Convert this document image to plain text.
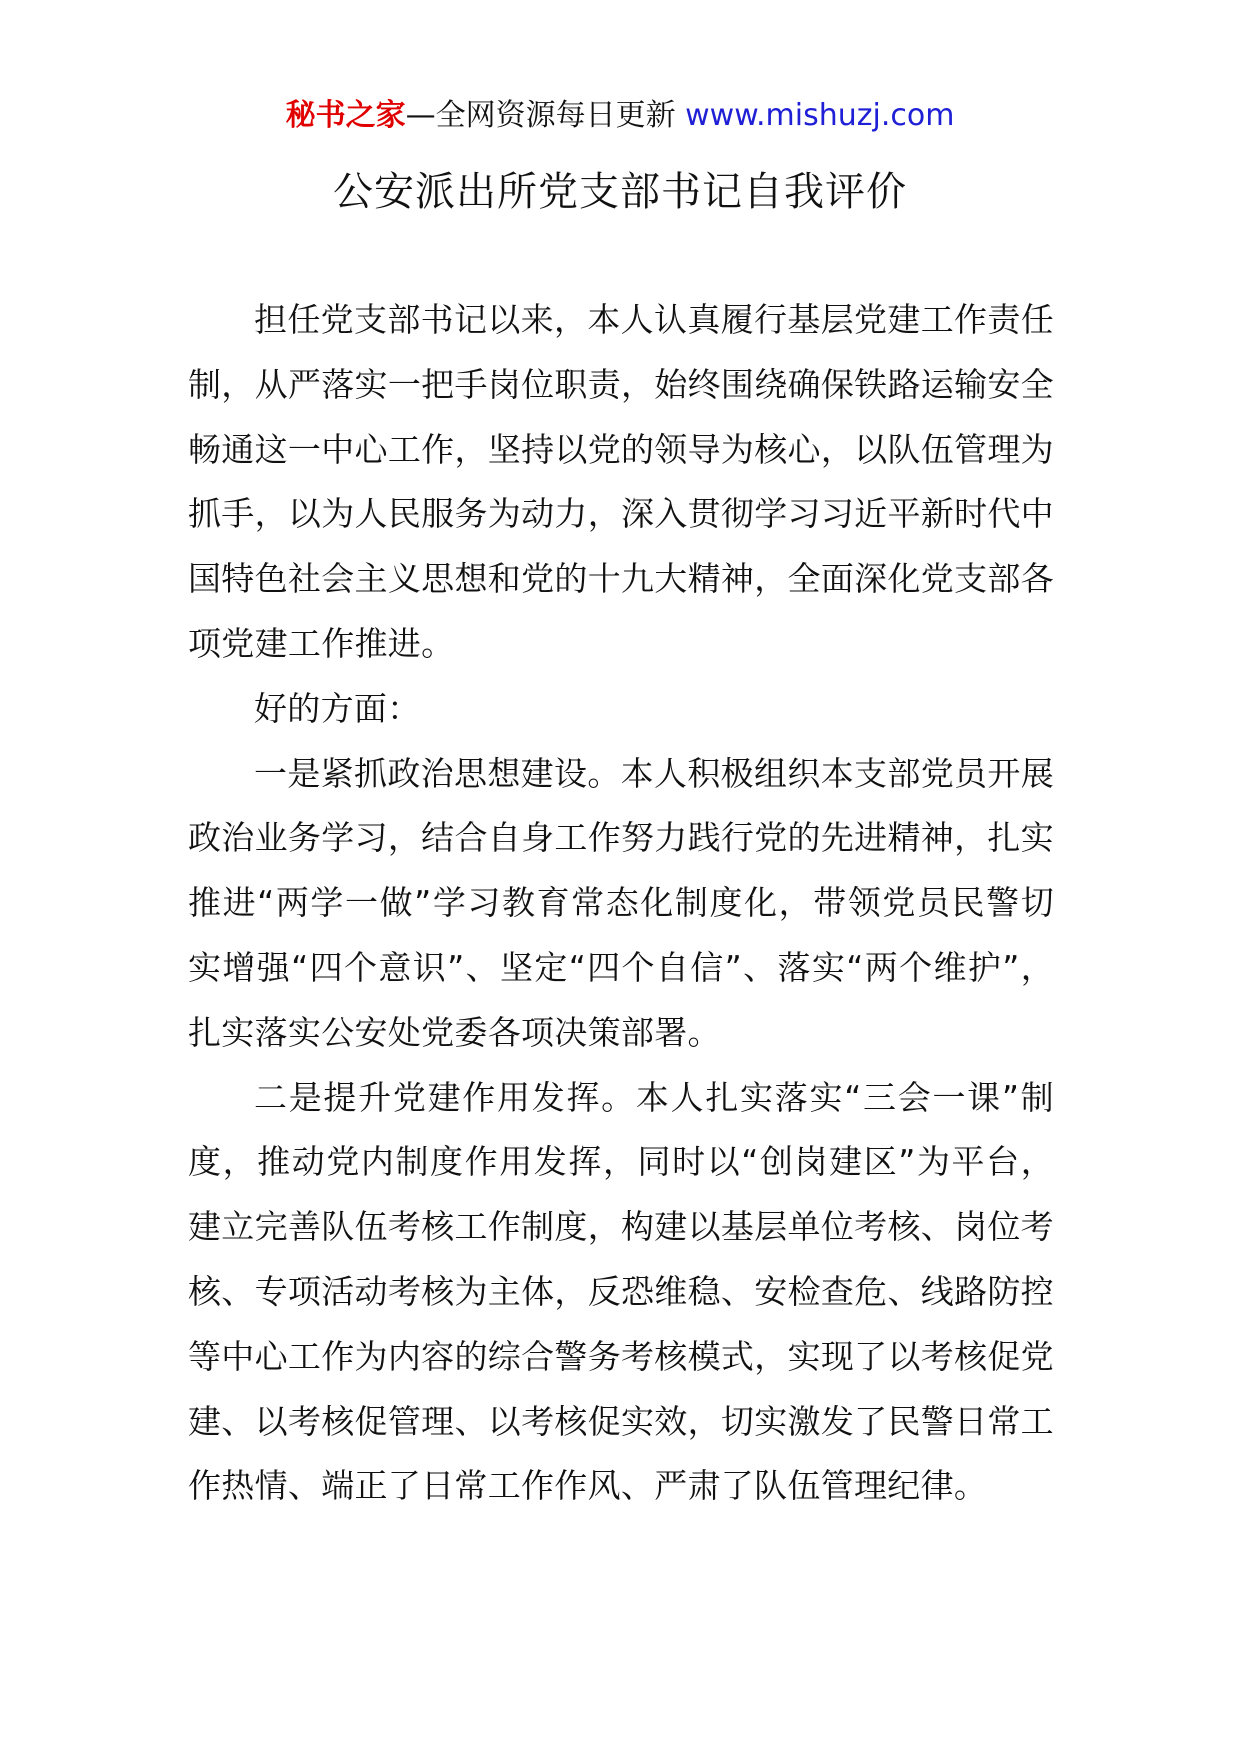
秘书之家—全网资源每日更新 www.mishuzj.com
公安派出所党支部书记自我评价

担任党支部书记以来，本人认真履行基层党建工作责任制，从严落实一把手岗位职责，始终围绕确保铁路运输安全畅通这一中心工作，坚持以党的领导为核心，以队伍管理为抓手，以为人民服务为动力，深入贯彻学习习近平新时代中国特色社会主义思想和党的十九大精神，全面深化党支部各项党建工作推进。

好的方面：

一是紧抓政治思想建设。本人积极组织本支部党员开展政治业务学习，结合自身工作努力践行党的先进精神，扎实推进“两学一做”学习教育常态化制度化，带领党员民警切实增强“四个意识”、坚定“四个自信”、落实“两个维护”，扎实落实公安处党委各项决策部署。

二是提升党建作用发挥。本人扎实落实“三会一课”制度，推动党内制度作用发挥，同时以“创岗建区”为平台，建立完善队伍考核工作制度，构建以基层单位考核、岗位考核、专项活动考核为主体，反恐维稳、安检查危、线路防控等中心工作为内容的综合警务考核模式，实现了以考核促党建、以考核促管理、以考核促实效，切实激发了民警日常工作热情、端正了日常工作作风、严肃了队伍管理纪律。
